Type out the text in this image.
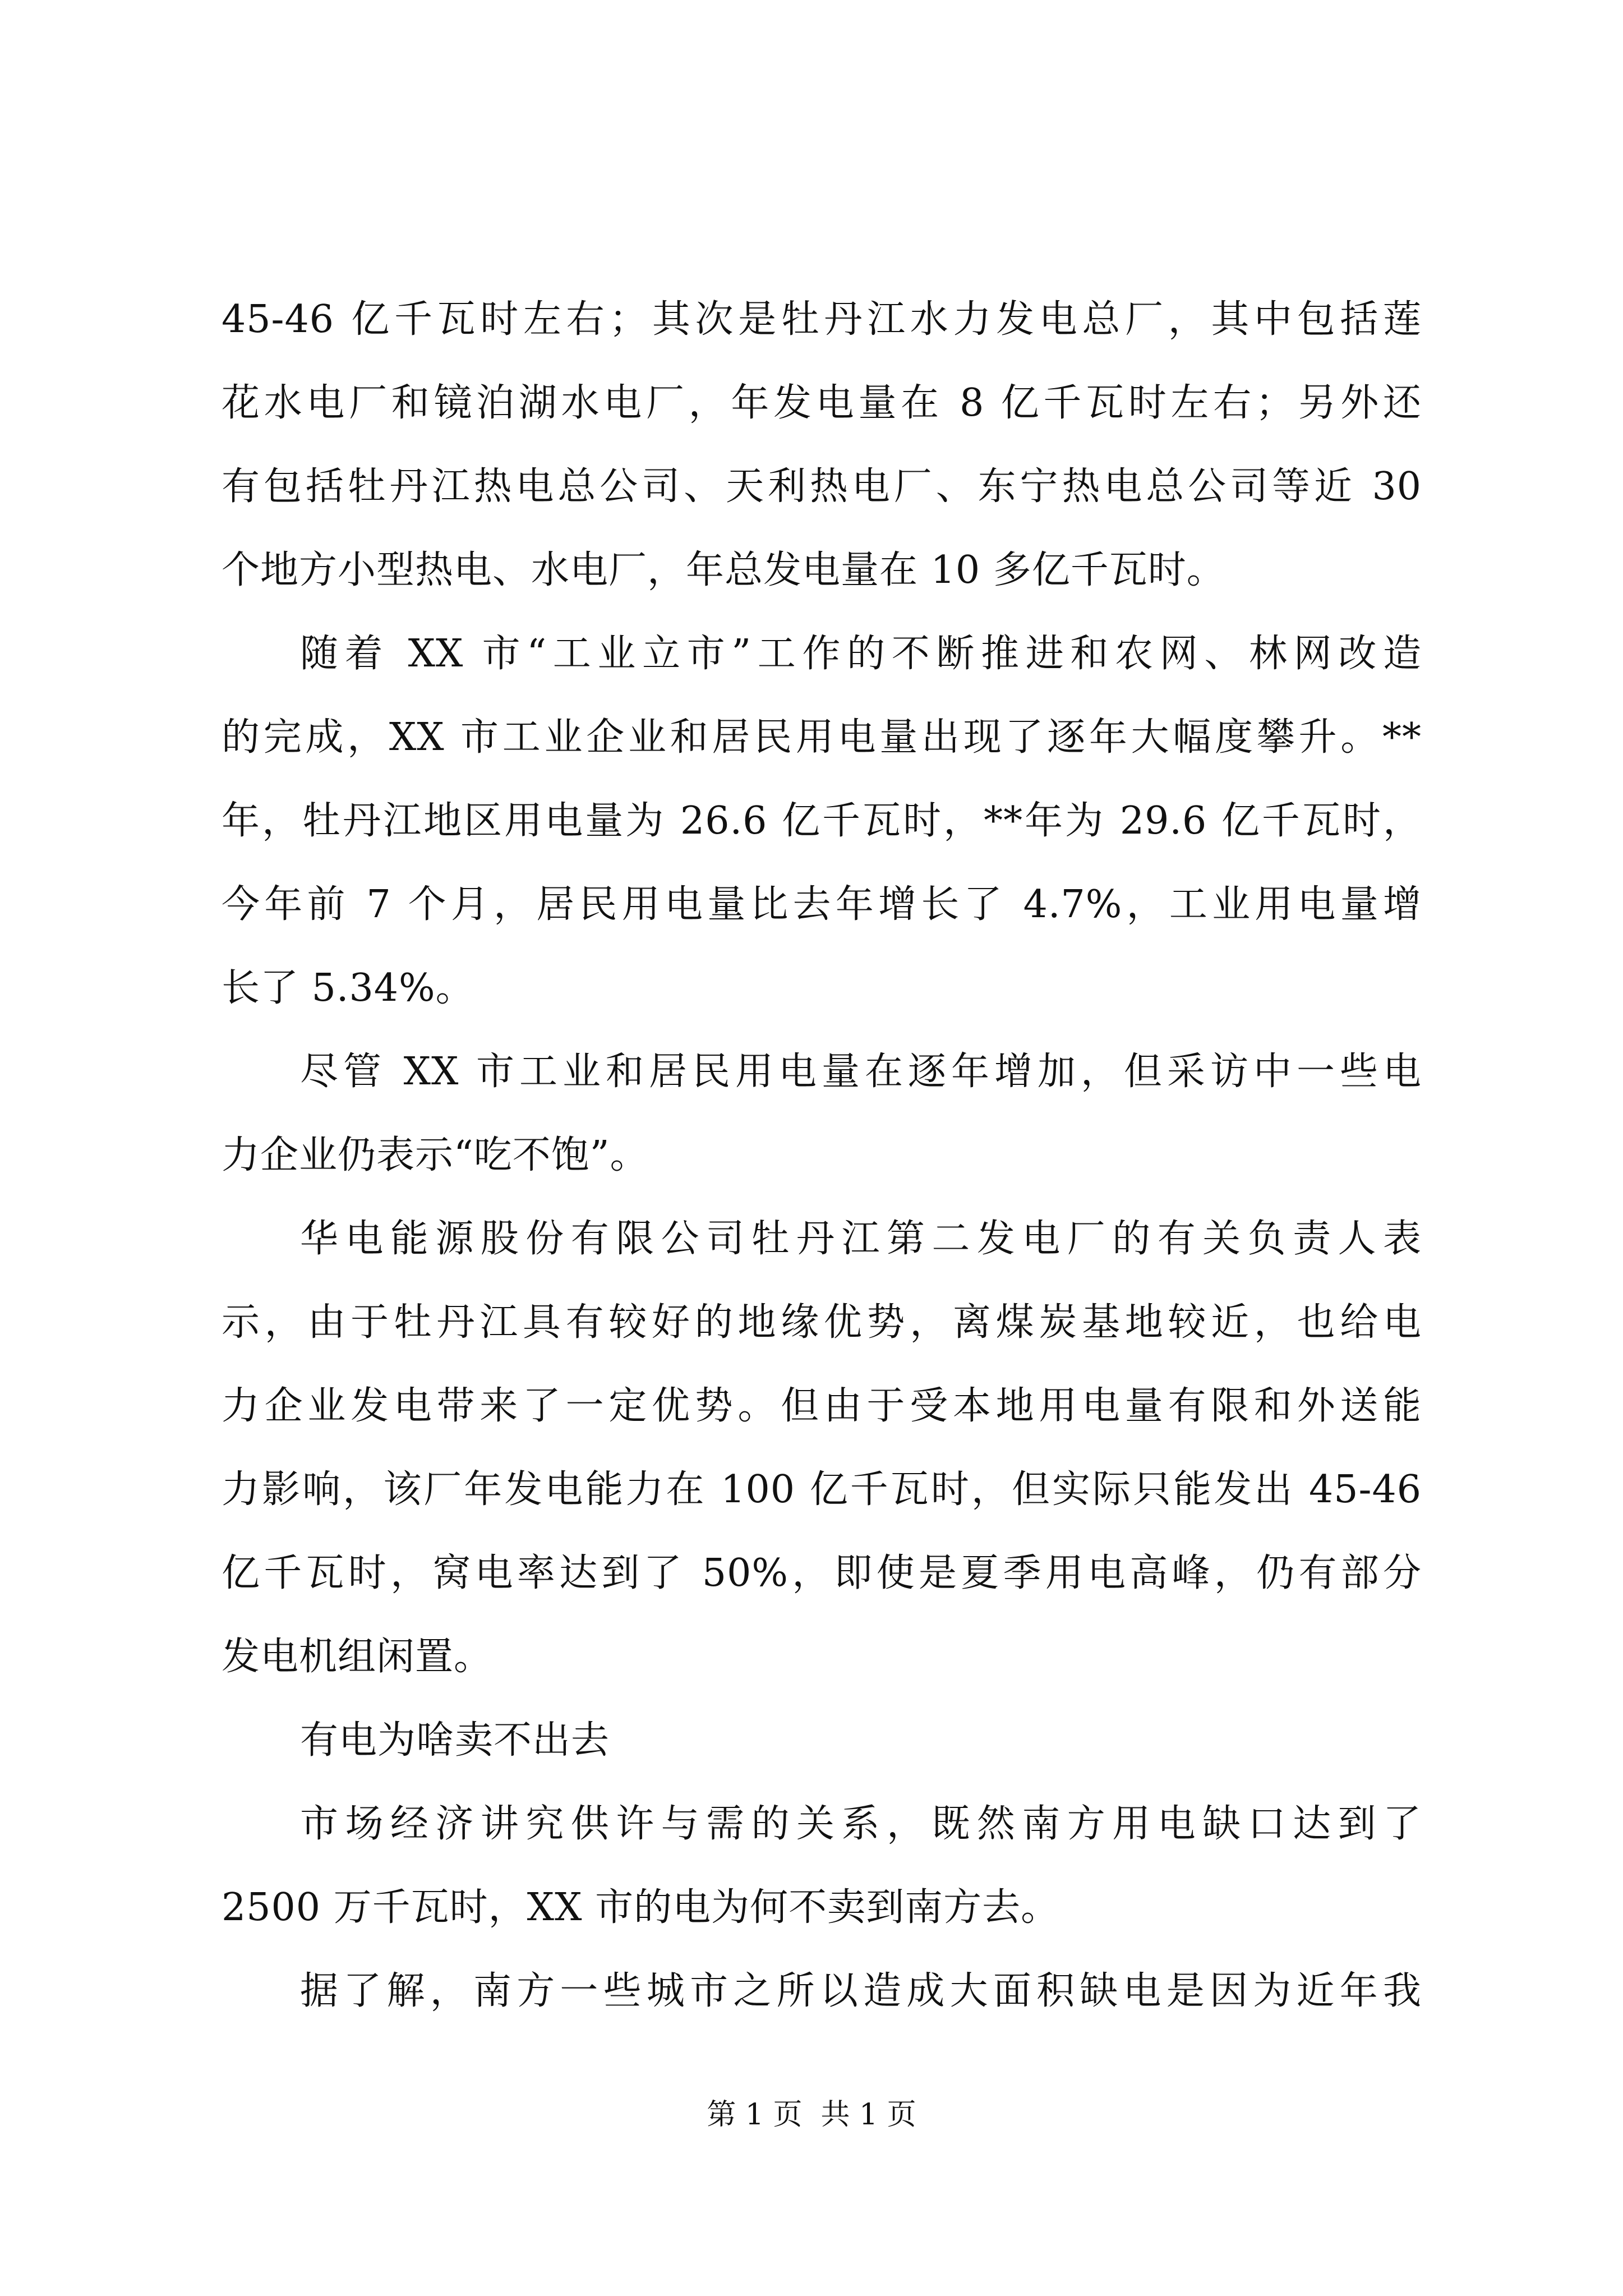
45-46 亿千瓦时左右；其次是牡丹江水力发电总厂，其中包括莲
花水电厂和镜泊湖水电厂，年发电量在 8 亿千瓦时左右；另外还
有包括牡丹江热电总公司、天利热电厂、东宁热电总公司等近 30
个地方小型热电、水电厂，年总发电量在 10 多亿千瓦时。
随着 XX 市“工业立市”工作的不断推进和农网、林网改造
的完成，XX 市工业企业和居民用电量出现了逐年大幅度攀升。**
年，牡丹江地区用电量为 26.6 亿千瓦时，**年为 29.6 亿千瓦时，
今年前 7 个月，居民用电量比去年增长了 4.7%，工业用电量增
长了 5.34%。
尽管 XX 市工业和居民用电量在逐年增加，但采访中一些电
力企业仍表示“吃不饱”。
华电能源股份有限公司牡丹江第二发电厂的有关负责人表
示，由于牡丹江具有较好的地缘优势，离煤炭基地较近，也给电
力企业发电带来了一定优势。但由于受本地用电量有限和外送能
力影响，该厂年发电能力在 100 亿千瓦时，但实际只能发出 45-46
亿千瓦时，窝电率达到了 50%，即使是夏季用电高峰，仍有部分
发电机组闲置。
有电为啥卖不出去
市场经济讲究供许与需的关系，既然南方用电缺口达到了
2500 万千瓦时，XX 市的电为何不卖到南方去。
据了解，南方一些城市之所以造成大面积缺电是因为近年我
第 1 页  共 1 页
